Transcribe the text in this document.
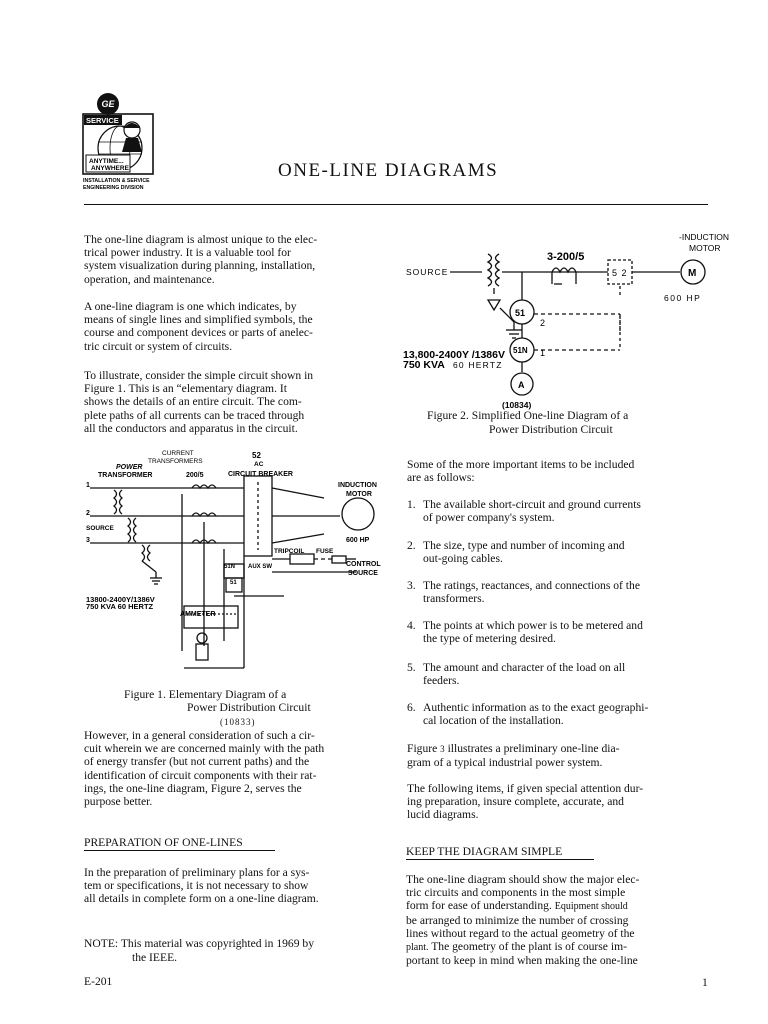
GE
SERVICE
ANYTIME...
ANYWHERE
INSTALLATION & SERVICE
ENGINEERING DIVISION
ONE-LINE DIAGRAMS
The one-line diagram is almost unique to the elec-
trical power industry. It is a valuable tool for
system visualization during planning, installation,
operation, and maintenance.
A one-line diagram is one which indicates, by
means of single lines and simplified symbols, the
course and component devices or parts of anelec-
tric circuit or system of circuits.
To illustrate, consider the simple circuit shown in
Figure 1. This is an “elementary diagram. It
shows the details of an entire circuit. The com-
plete paths of all currents can be traced through
all the conductors and apparatus in the circuit.
CURRENT
TRANSFORMERS
POWER
TRANSFORMER	200/5
52
AC
CIRCUIT BREAKER
INDUCTION
MOTOR
600 HP
1
2
SOURCE
3
TRIPCOIL FUSE
51N AUX SW
51
CONTROL
SOURCE
13800-2400Y/1386V
750 KVA 60 HERTZ
AMMETER
Figure 1. Elementary Diagram of a
Power Distribution Circuit
(10833)
However, in a general consideration of such a cir-
cuit wherein we are concerned mainly with the path
of energy transfer (but not current paths) and the
identification of circuit components with their rat-
ings, the one-line diagram, Figure 2, serves the
purpose better.
PREPARATION OF ONE-LINES
In the preparation of preliminary plans for a sys-
tem or specifications, it is not necessary to show
all details in complete form on a one-line diagram.
NOTE: This material was copyrighted in 1969 by
the IEEE.
-INDUCTION
MOTOR
3-200/5
SOURCE	5 2	M
600 HP
51
51N
A
2
1
13,800-2400Y /1386V
750 KVA 60 HERTZ
(10834)
Figure 2. Simplified One-line Diagram of a
Power Distribution Circuit
Some of the more important items to be included
are as follows:
1. The available short-circuit and ground currents
of power company's system.
2. The size, type and number of incoming and
out-going cables.
3. The ratings, reactances, and connections of the
transformers.
4. The points at which power is to be metered and
the type of metering desired.
5. The amount and character of the load on all
feeders.
6. Authentic information as to the exact geographi-
cal location of the installation.
Figure 3 illustrates a preliminary one-line dia-
gram of a typical industrial power system.
The following items, if given special attention dur-
ing preparation, insure complete, accurate, and
lucid diagrams.
KEEP THE DIAGRAM SIMPLE
The one-line diagram should show the major elec-
tric circuits and components in the most simple
form for ease of understanding. Equipment should
be arranged to minimize the number of crossing
lines without regard to the actual geometry of the
plant. The geometry of the plant is of course im-
portant to keep in mind when making the one-line
E-201	1
